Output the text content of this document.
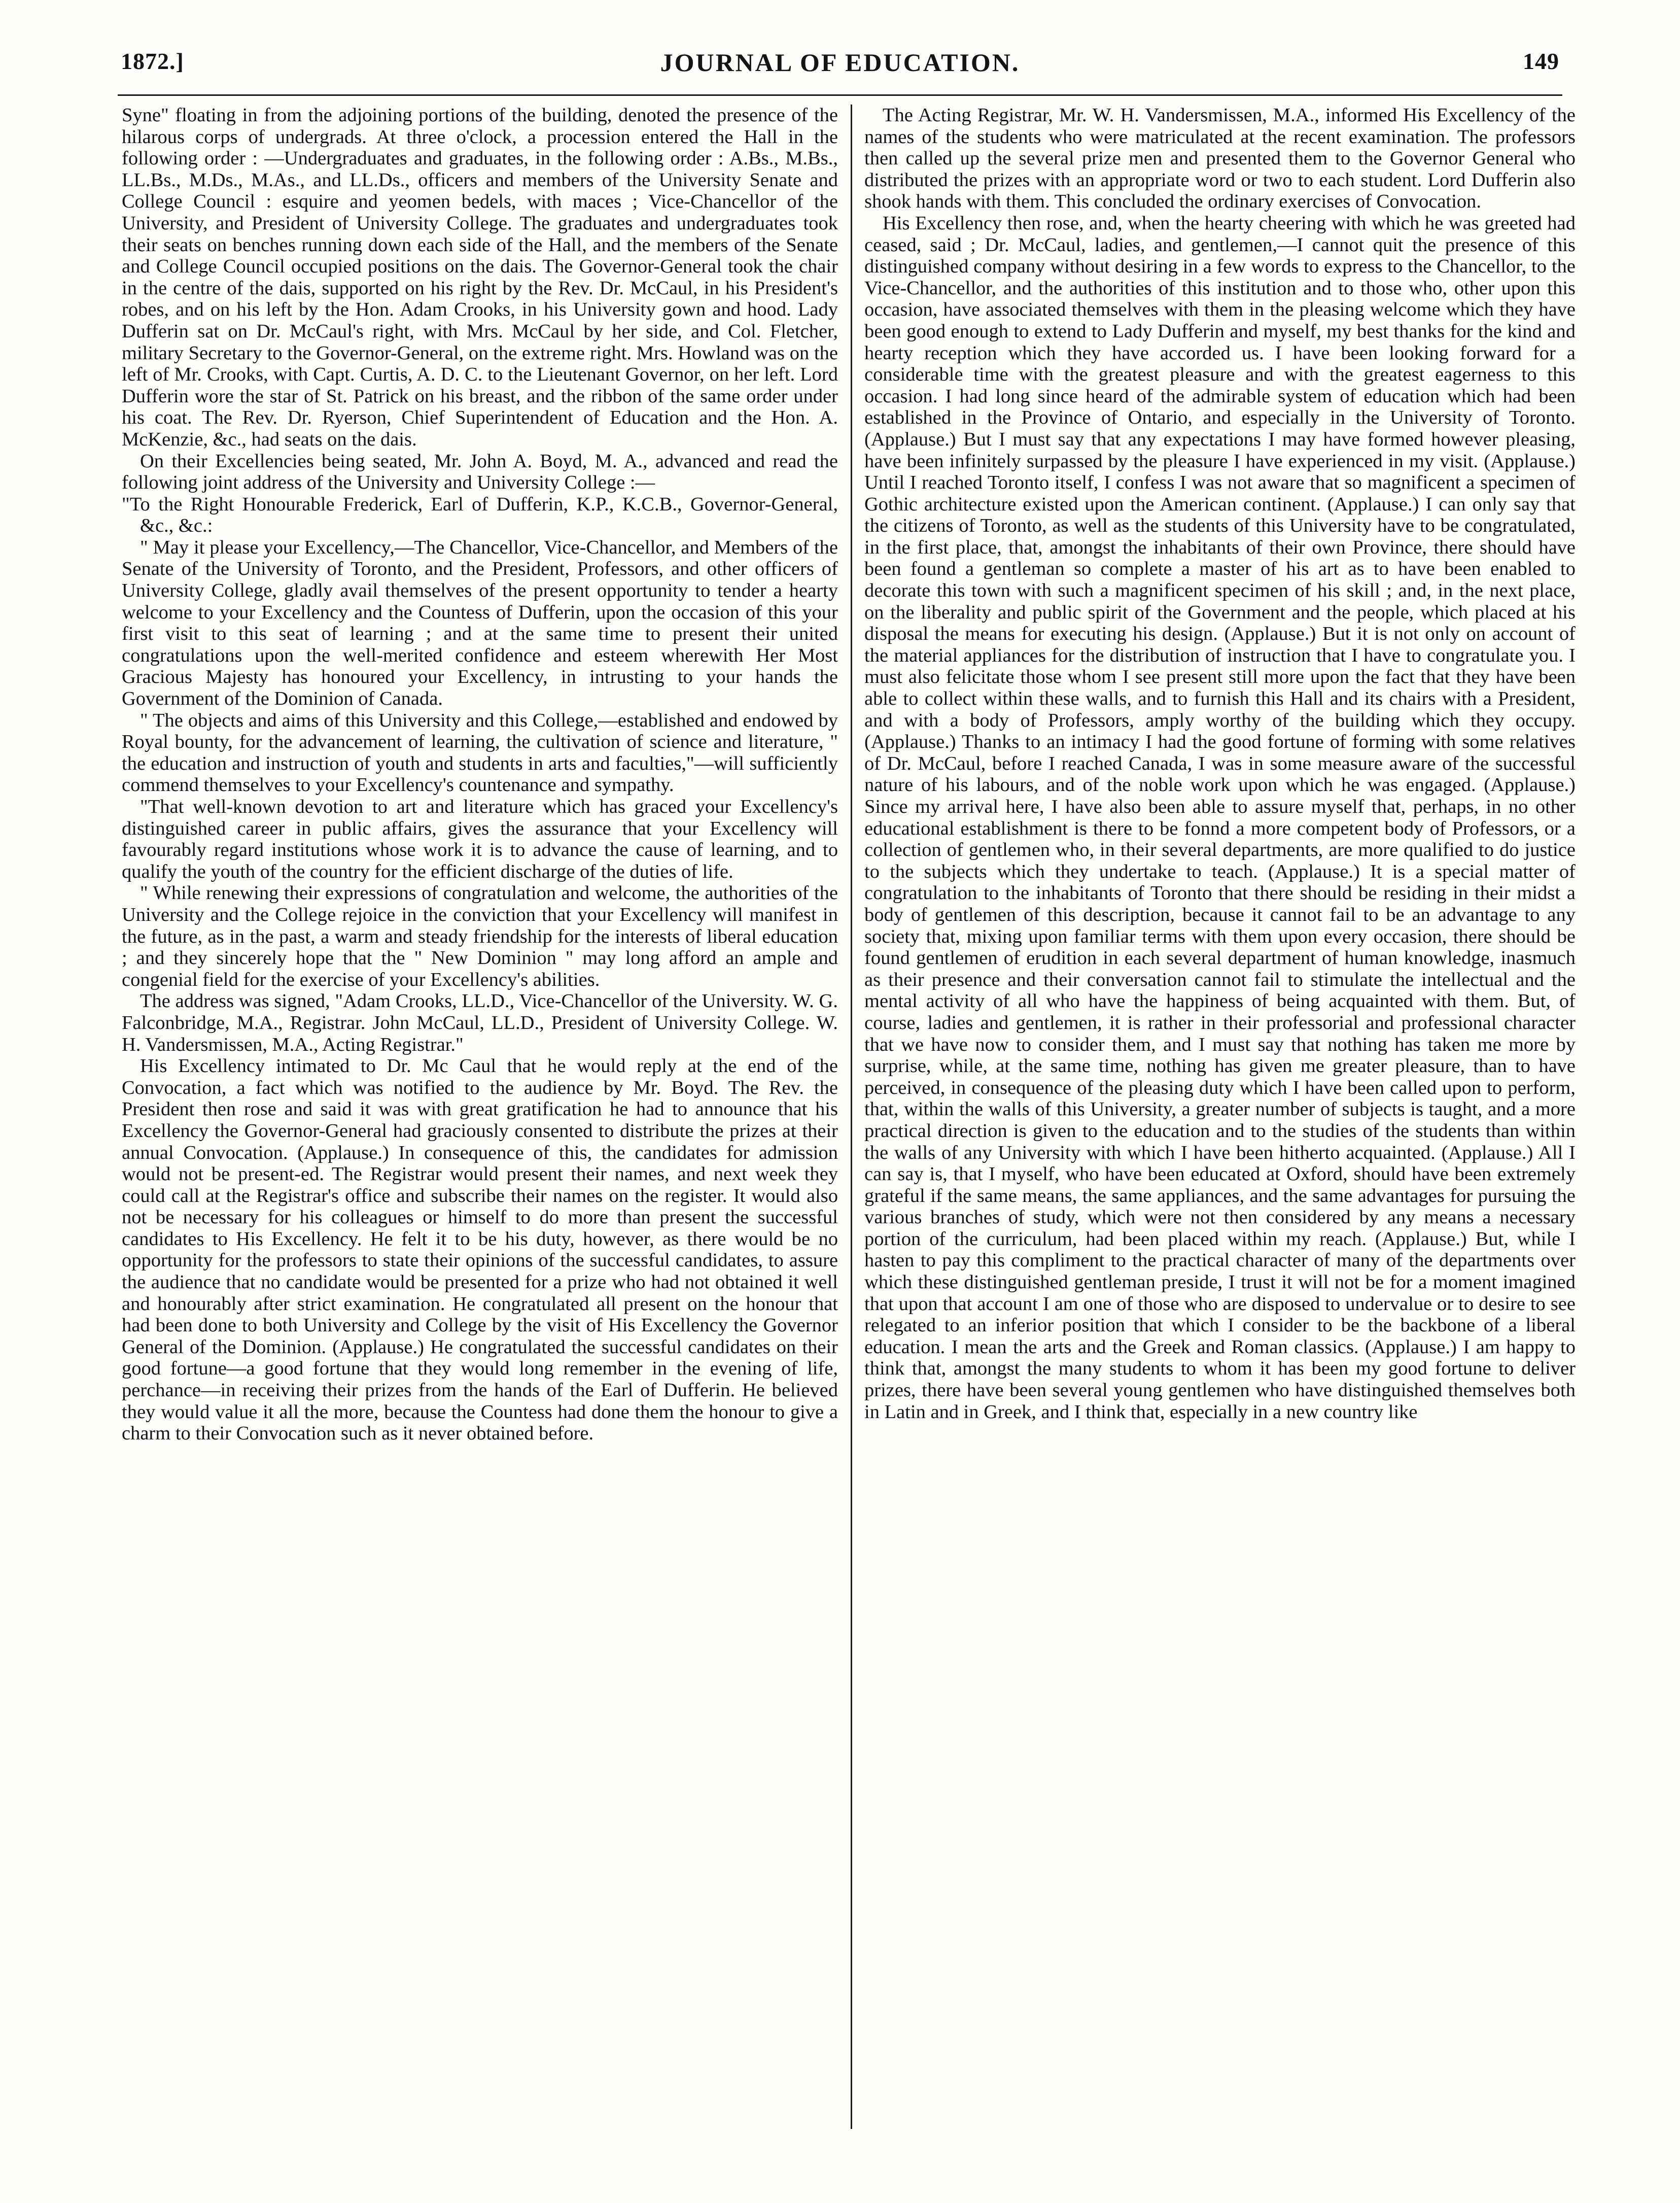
1872.]	JOURNAL OF EDUCATION.	149

Syne" floating in from the adjoining portions of the building, denoted the presence of the hilarous corps of undergrads. At three o'clock, a procession entered the Hall in the following order : —Undergraduates and graduates, in the following order : A.Bs., M.Bs., LL.Bs., M.Ds., M.As., and LL.Ds., officers and members of the University Senate and College Council : esquire and yeomen bedels, with maces ; Vice-Chancellor of the University, and President of University College. The graduates and undergraduates took their seats on benches running down each side of the Hall, and the members of the Senate and College Council occupied positions on the dais. The Governor-General took the chair in the centre of the dais, supported on his right by the Rev. Dr. McCaul, in his President's robes, and on his left by the Hon. Adam Crooks, in his University gown and hood. Lady Dufferin sat on Dr. McCaul's right, with Mrs. McCaul by her side, and Col. Fletcher, military Secretary to the Governor-General, on the extreme right. Mrs. Howland was on the left of Mr. Crooks, with Capt. Curtis, A. D. C. to the Lieutenant Governor, on her left. Lord Dufferin wore the star of St. Patrick on his breast, and the ribbon of the same order under his coat. The Rev. Dr. Ryerson, Chief Superintendent of Education and the Hon. A. McKenzie, &c., had seats on the dais.

On their Excellencies being seated, Mr. John A. Boyd, M. A., advanced and read the following joint address of the University and University College :—

"To the Right Honourable Frederick, Earl of Dufferin, K.P., K.C.B., Governor-General, &c., &c.:

" May it please your Excellency,—The Chancellor, Vice-Chancellor, and Members of the Senate of the University of Toronto, and the President, Professors, and other officers of University College, gladly avail themselves of the present opportunity to tender a hearty welcome to your Excellency and the Countess of Dufferin, upon the occasion of this your first visit to this seat of learning ; and at the same time to present their united congratulations upon the well-merited confidence and esteem wherewith Her Most Gracious Majesty has honoured your Excellency, in intrusting to your hands the Government of the Dominion of Canada.

" The objects and aims of this University and this College,—established and endowed by Royal bounty, for the advancement of learning, the cultivation of science and literature, " the education and instruction of youth and students in arts and faculties,"—will sufficiently commend themselves to your Excellency's countenance and sympathy.

"That well-known devotion to art and literature which has graced your Excellency's distinguished career in public affairs, gives the assurance that your Excellency will favourably regard institutions whose work it is to advance the cause of learning, and to qualify the youth of the country for the efficient discharge of the duties of life.

" While renewing their expressions of congratulation and welcome, the authorities of the University and the College rejoice in the conviction that your Excellency will manifest in the future, as in the past, a warm and steady friendship for the interests of liberal education ; and they sincerely hope that the " New Dominion " may long afford an ample and congenial field for the exercise of your Excellency's abilities.

The address was signed, "Adam Crooks, LL.D., Vice-Chancellor of the University. W. G. Falconbridge, M.A., Registrar. John McCaul, LL.D., President of University College. W. H. Vandersmissen, M.A., Acting Registrar."

His Excellency intimated to Dr. Mc Caul that he would reply at the end of the Convocation, a fact which was notified to the audience by Mr. Boyd. The Rev. the President then rose and said it was with great gratification he had to announce that his Excellency the Governor-General had graciously consented to distribute the prizes at their annual Convocation. (Applause.) In consequence of this, the candidates for admission would not be present-ed. The Registrar would present their names, and next week they could call at the Registrar's office and subscribe their names on the register. It would also not be necessary for his colleagues or himself to do more than present the successful candidates to His Excellency. He felt it to be his duty, however, as there would be no opportunity for the professors to state their opinions of the successful candidates, to assure the audience that no candidate would be presented for a prize who had not obtained it well and honourably after strict examination. He congratulated all present on the honour that had been done to both University and College by the visit of His Excellency the Governor General of the Dominion. (Applause.) He congratulated the successful candidates on their good fortune—a good fortune that they would long remember in the evening of life, perchance—in receiving their prizes from the hands of the Earl of Dufferin. He believed they would value it all the more, because the Countess had done them the honour to give a charm to their Convocation such as it never obtained before.

The Acting Registrar, Mr. W. H. Vandersmissen, M.A., informed His Excellency of the names of the students who were matriculated at the recent examination. The professors then called up the several prize men and presented them to the Governor General who distributed the prizes with an appropriate word or two to each student. Lord Dufferin also shook hands with them. This concluded the ordinary exercises of Convocation.

His Excellency then rose, and, when the hearty cheering with which he was greeted had ceased, said ; Dr. McCaul, ladies, and gentlemen,—I cannot quit the presence of this distinguished company without desiring in a few words to express to the Chancellor, to the Vice-Chancellor, and the authorities of this institution and to those who, other upon this occasion, have associated themselves with them in the pleasing welcome which they have been good enough to extend to Lady Dufferin and myself, my best thanks for the kind and hearty reception which they have accorded us. I have been looking forward for a considerable time with the greatest pleasure and with the greatest eagerness to this occasion. I had long since heard of the admirable system of education which had been established in the Province of Ontario, and especially in the University of Toronto. (Applause.) But I must say that any expectations I may have formed however pleasing, have been infinitely surpassed by the pleasure I have experienced in my visit. (Applause.) Until I reached Toronto itself, I confess I was not aware that so magnificent a specimen of Gothic architecture existed upon the American continent. (Applause.) I can only say that the citizens of Toronto, as well as the students of this University have to be congratulated, in the first place, that, amongst the inhabitants of their own Province, there should have been found a gentleman so complete a master of his art as to have been enabled to decorate this town with such a magnificent specimen of his skill ; and, in the next place, on the liberality and public spirit of the Government and the people, which placed at his disposal the means for executing his design. (Applause.) But it is not only on account of the material appliances for the distribution of instruction that I have to congratulate you. I must also felicitate those whom I see present still more upon the fact that they have been able to collect within these walls, and to furnish this Hall and its chairs with a President, and with a body of Professors, amply worthy of the building which they occupy. (Applause.) Thanks to an intimacy I had the good fortune of forming with some relatives of Dr. McCaul, before I reached Canada, I was in some measure aware of the successful nature of his labours, and of the noble work upon which he was engaged. (Applause.) Since my arrival here, I have also been able to assure myself that, perhaps, in no other educational establishment is there to be fonnd a more competent body of Professors, or a collection of gentlemen who, in their several departments, are more qualified to do justice to the subjects which they undertake to teach. (Applause.) It is a special matter of congratulation to the inhabitants of Toronto that there should be residing in their midst a body of gentlemen of this description, because it cannot fail to be an advantage to any society that, mixing upon familiar terms with them upon every occasion, there should be found gentlemen of erudition in each several department of human knowledge, inasmuch as their presence and their conversation cannot fail to stimulate the intellectual and the mental activity of all who have the happiness of being acquainted with them. But, of course, ladies and gentlemen, it is rather in their professorial and professional character that we have now to consider them, and I must say that nothing has taken me more by surprise, while, at the same time, nothing has given me greater pleasure, than to have perceived, in consequence of the pleasing duty which I have been called upon to perform, that, within the walls of this University, a greater number of subjects is taught, and a more practical direction is given to the education and to the studies of the students than within the walls of any University with which I have been hitherto acquainted. (Applause.) All I can say is, that I myself, who have been educated at Oxford, should have been extremely grateful if the same means, the same appliances, and the same advantages for pursuing the various branches of study, which were not then considered by any means a necessary portion of the curriculum, had been placed within my reach. (Applause.) But, while I hasten to pay this compliment to the practical character of many of the departments over which these distinguished gentleman preside, I trust it will not be for a moment imagined that upon that account I am one of those who are disposed to undervalue or to desire to see relegated to an inferior position that which I consider to be the backbone of a liberal education. I mean the arts and the Greek and Roman classics. (Applause.) I am happy to think that, amongst the many students to whom it has been my good fortune to deliver prizes, there have been several young gentlemen who have distinguished themselves both in Latin and in Greek, and I think that, especially in a new country like
